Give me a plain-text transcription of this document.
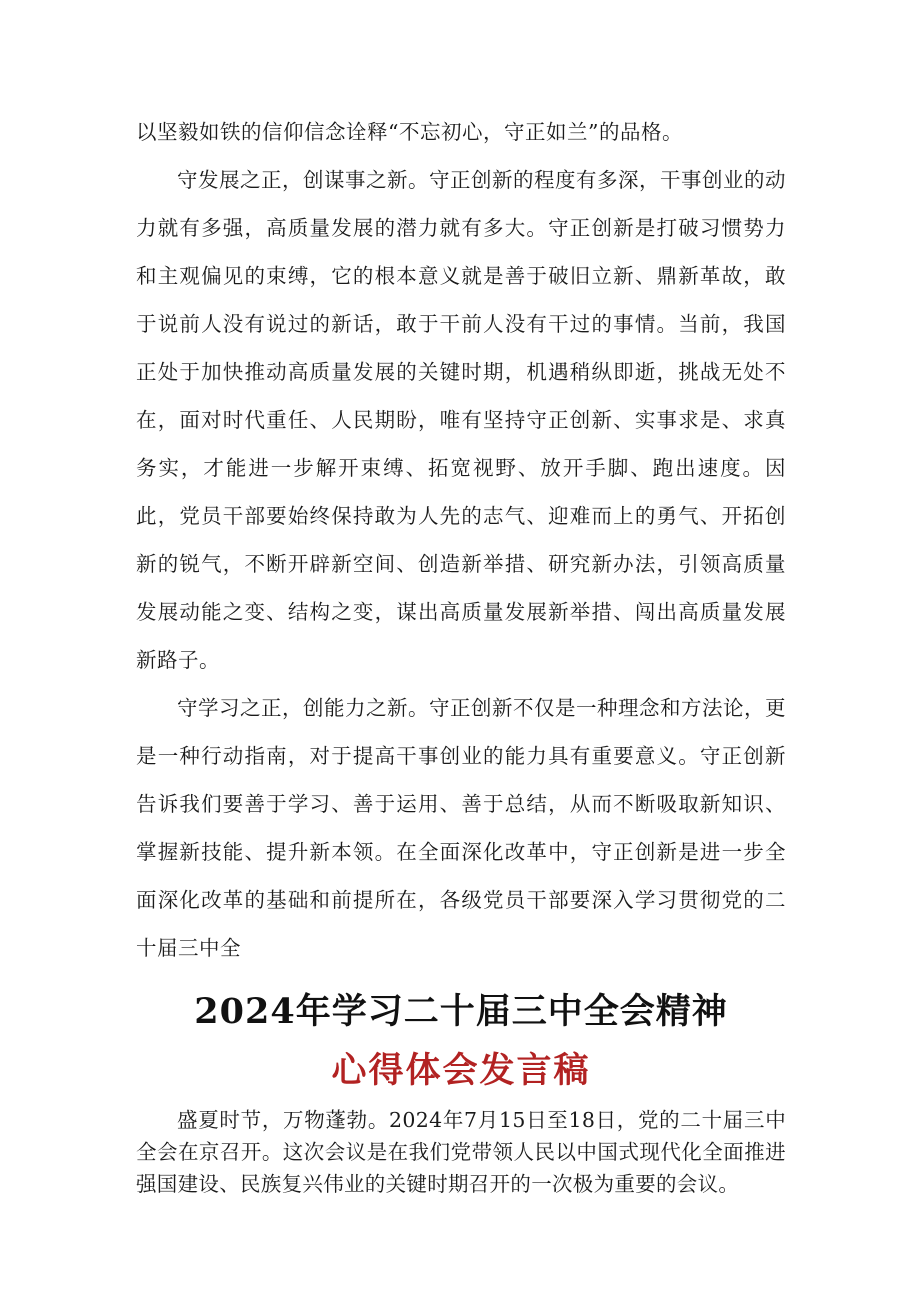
以坚毅如铁的信仰信念诠释“不忘初心，守正如兰”的品格。

守发展之正，创谋事之新。守正创新的程度有多深，干事创业的动力就有多强，高质量发展的潜力就有多大。守正创新是打破习惯势力和主观偏见的束缚，它的根本意义就是善于破旧立新、鼎新革故，敢于说前人没有说过的新话，敢于干前人没有干过的事情。当前，我国正处于加快推动高质量发展的关键时期，机遇稍纵即逝，挑战无处不在，面对时代重任、人民期盼，唯有坚持守正创新、实事求是、求真务实，才能进一步解开束缚、拓宽视野、放开手脚、跑出速度。因此，党员干部要始终保持敢为人先的志气、迎难而上的勇气、开拓创新的锐气，不断开辟新空间、创造新举措、研究新办法，引领高质量发展动能之变、结构之变，谋出高质量发展新举措、闯出高质量发展新路子。

守学习之正，创能力之新。守正创新不仅是一种理念和方法论，更是一种行动指南，对于提高干事创业的能力具有重要意义。守正创新告诉我们要善于学习、善于运用、善于总结，从而不断吸取新知识、掌握新技能、提升新本领。在全面深化改革中，守正创新是进一步全面深化改革的基础和前提所在，各级党员干部要深入学习贯彻党的二十届三中全

2024年学习二十届三中全会精神
心得体会发言稿

盛夏时节，万物蓬勃。2024年7月15日至18日，党的二十届三中全会在京召开。这次会议是在我们党带领人民以中国式现代化全面推进强国建设、民族复兴伟业的关键时期召开的一次极为重要的会议。
